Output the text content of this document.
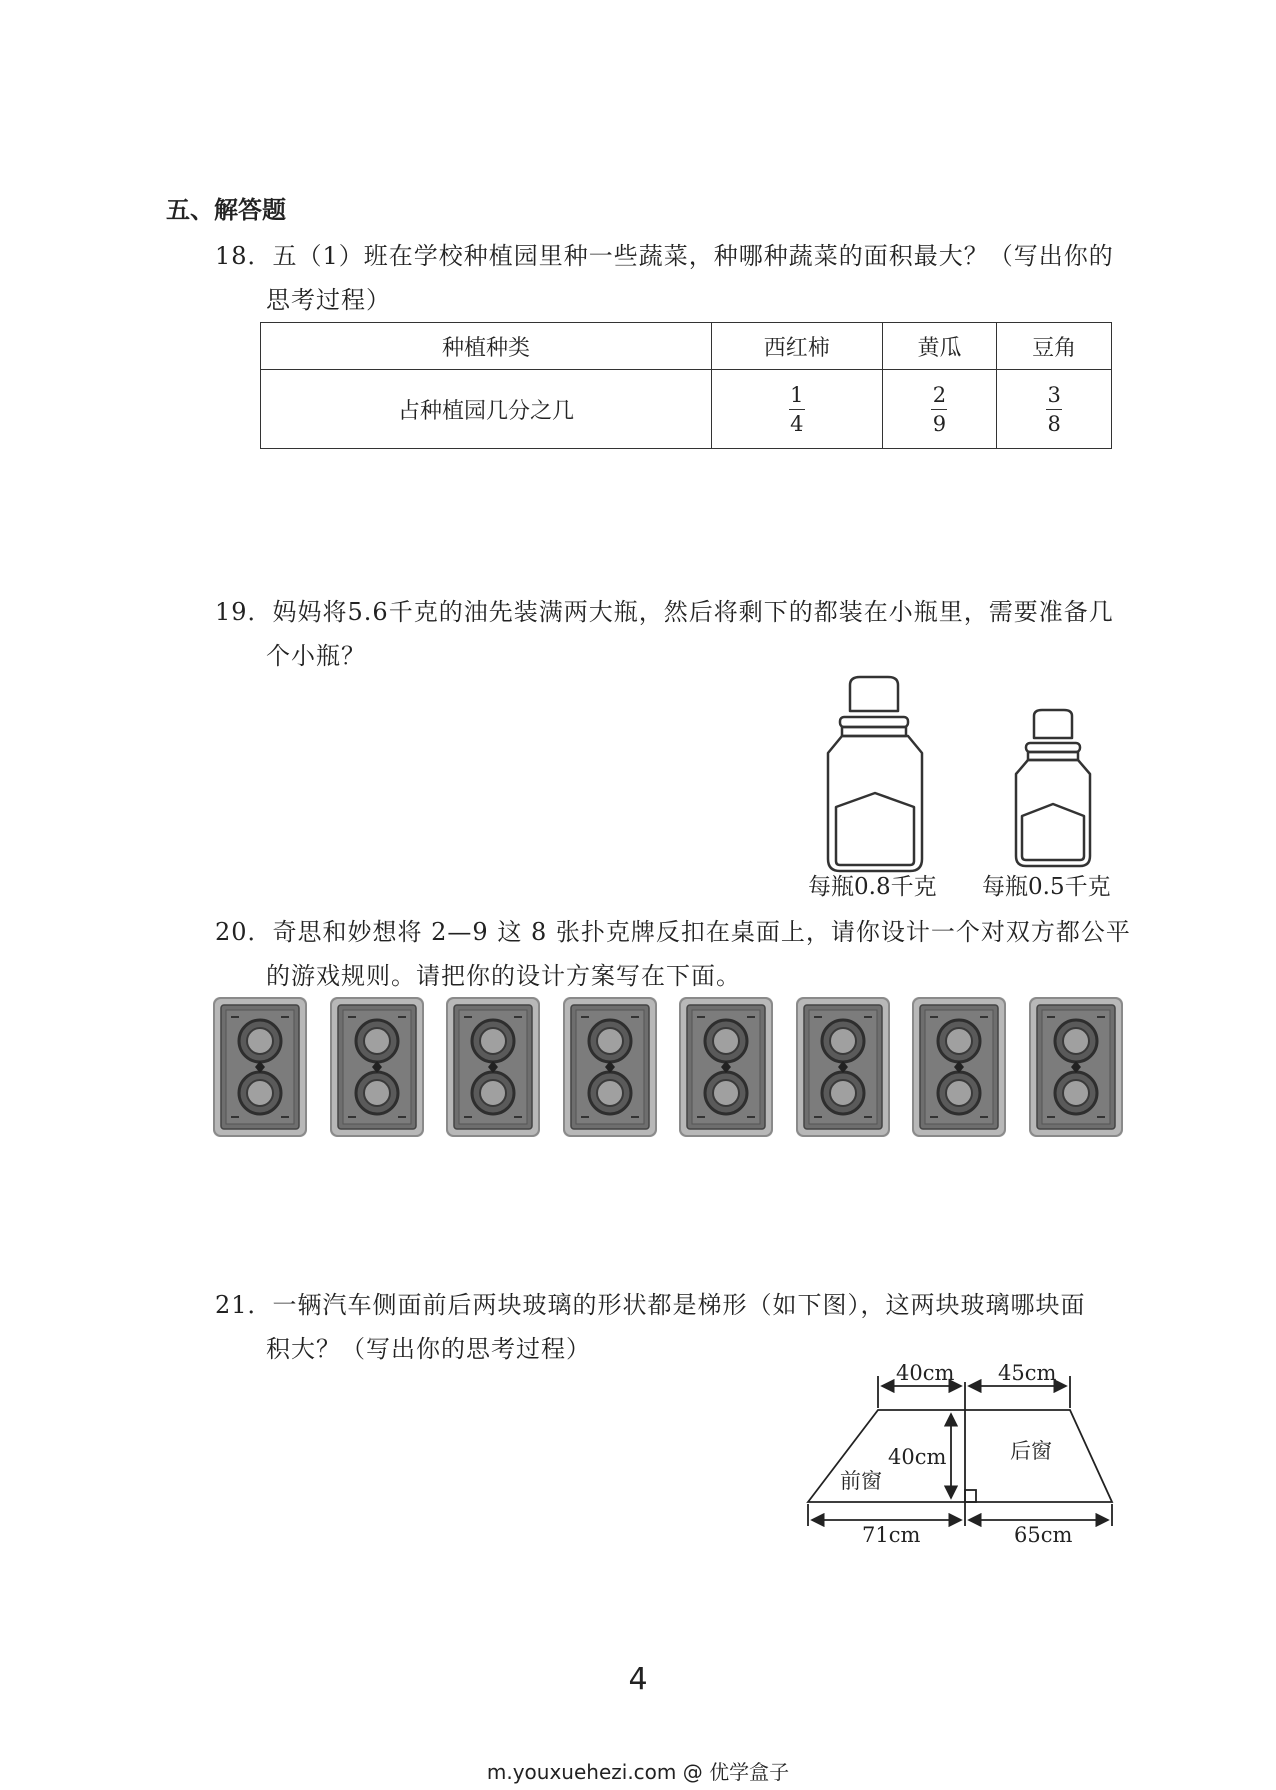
五、解答题
18．五（1）班在学校种植园里种一些蔬菜，种哪种蔬菜的面积最大？（写出你的
思考过程）
种植种类	西红柿	黄瓜	豆角
占种植园几分之几	$\frac{1}{4}$	$\frac{2}{9}$	$\frac{3}{8}$
19．妈妈将5.6千克的油先装满两大瓶，然后将剩下的都装在小瓶里，需要准备几
个小瓶？
每瓶0.8千克 每瓶0.5千克
20．奇思和妙想将 2—9 这 8 张扑克牌反扣在桌面上，请你设计一个对双方都公平
的游戏规则。请把你的设计方案写在下面。
21．一辆汽车侧面前后两块玻璃的形状都是梯形（如下图），这两块玻璃哪块面
积大？（写出你的思考过程）
40cm 45cm
40cm
71cm	65cm
前窗
后窗
4
m.youxuehezi.com @ 优学盒子
